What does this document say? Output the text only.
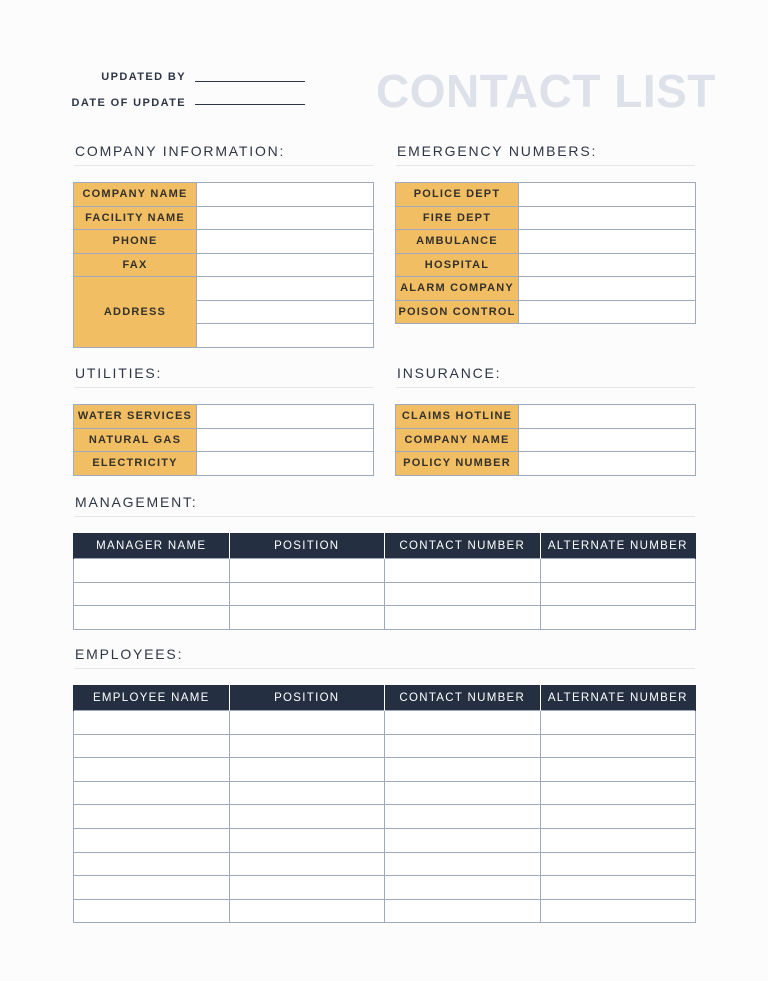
UPDATED BY
DATE OF UPDATE	CONTACT LIST
COMPANY INFORMATION:
COMPANY NAME	
FACILITY NAME	
PHONE	
FAX	
ADDRESS	

EMERGENCY NUMBERS:
POLICE DEPT	
FIRE DEPT	
AMBULANCE	
HOSPITAL	
ALARM COMPANY	
POISON CONTROL	
UTILITIES:
WATER SERVICES	
NATURAL GAS	
ELECTRICITY	
INSURANCE:
CLAIMS HOTLINE	
COMPANY NAME	
POLICY NUMBER	
MANAGEMENT:
MANAGER NAME	POSITION	CONTACT NUMBER	ALTERNATE NUMBER

EMPLOYEES:
EMPLOYEE NAME	POSITION	CONTACT NUMBER	ALTERNATE NUMBER
